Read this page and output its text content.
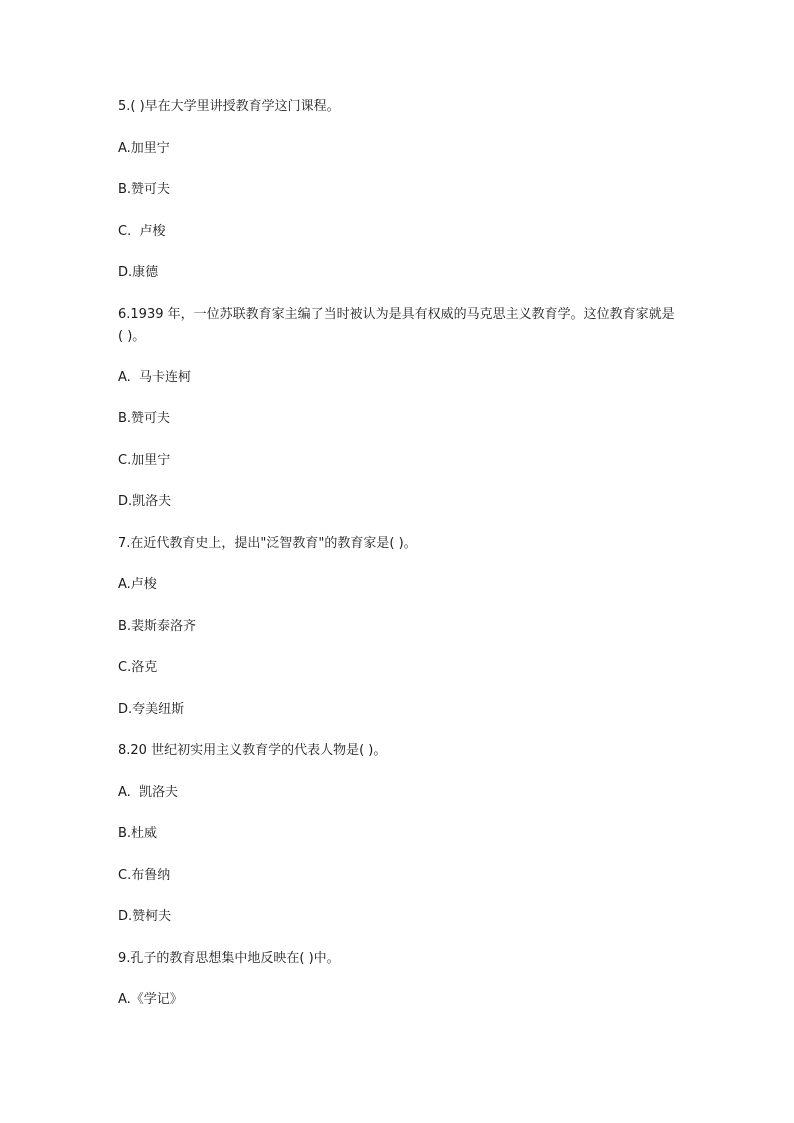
5.( )早在大学里讲授教育学这门课程。
A.加里宁
B.赞可夫
C.  卢梭
D.康德
6.1939 年，一位苏联教育家主编了当时被认为是具有权威的马克思主义教育学。这位教育家就是( )。
A.  马卡连柯
B.赞可夫
C.加里宁
D.凯洛夫
7.在近代教育史上，提出"泛智教育"的教育家是( )。
A.卢梭
B.裴斯泰洛齐
C.洛克
D.夸美纽斯
8.20 世纪初实用主义教育学的代表人物是( )。
A.  凯洛夫
B.杜威
C.布鲁纳
D.赞柯夫
9.孔子的教育思想集中地反映在( )中。
A.《学记》
